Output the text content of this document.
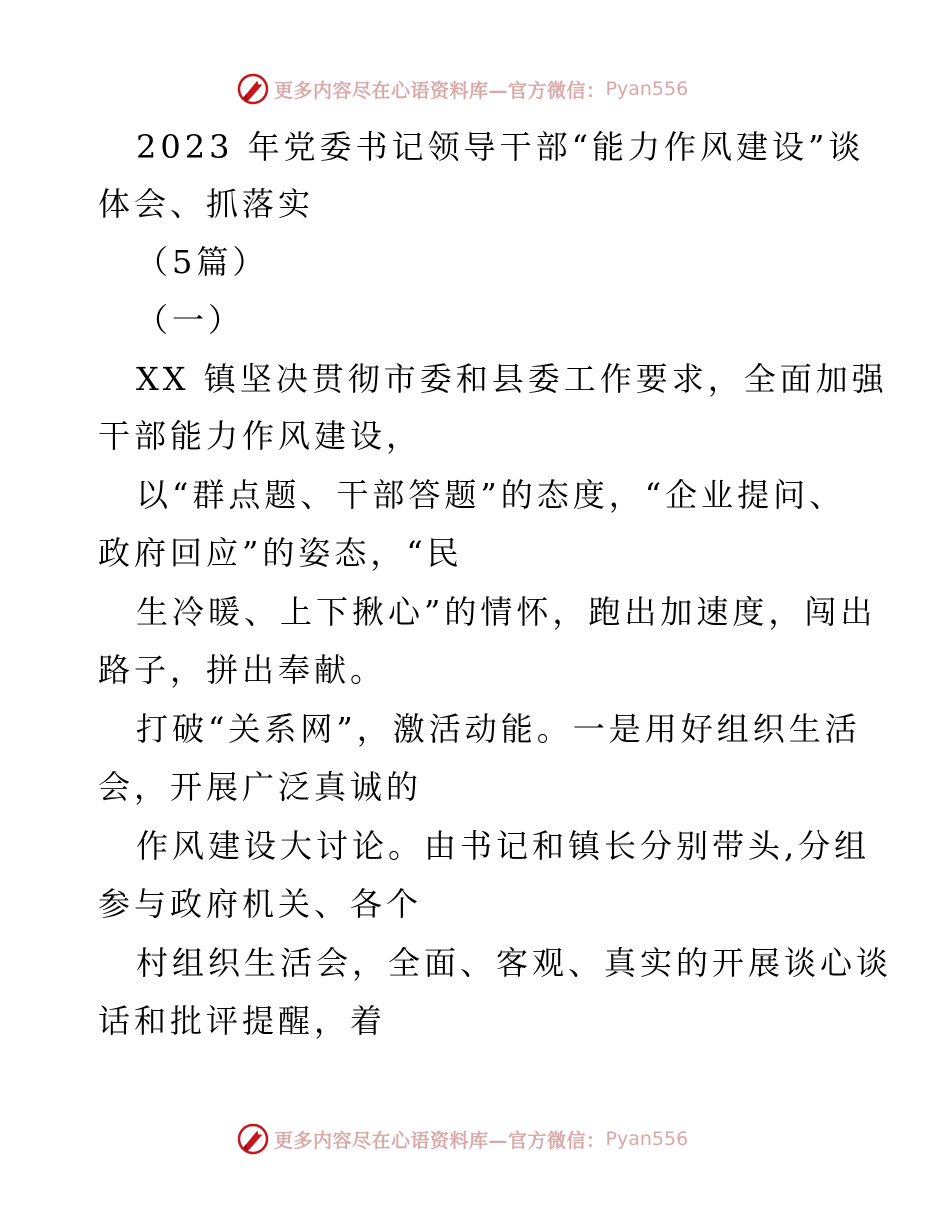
更多内容尽在心语资料库—官方微信： Pyan556
2023 年党委书记领导干部“能力作风建设”谈
体会、抓落实
（5篇）
（一）
XX 镇坚决贯彻市委和县委工作要求，全面加强
干部能力作风建设，
以“群点题、干部答题”的态度，“企业提问、
政府回应”的姿态，“民
生冷暖、上下揪心”的情怀，跑出加速度，闯出
路子，拼出奉献。
打破“关系网”，激活动能。一是用好组织生活
会，开展广泛真诚的
作风建设大讨论。由书记和镇长分别带头,分组
参与政府机关、各个
村组织生活会，全面、客观、真实的开展谈心谈
话和批评提醒，着
更多内容尽在心语资料库—官方微信： Pyan556
